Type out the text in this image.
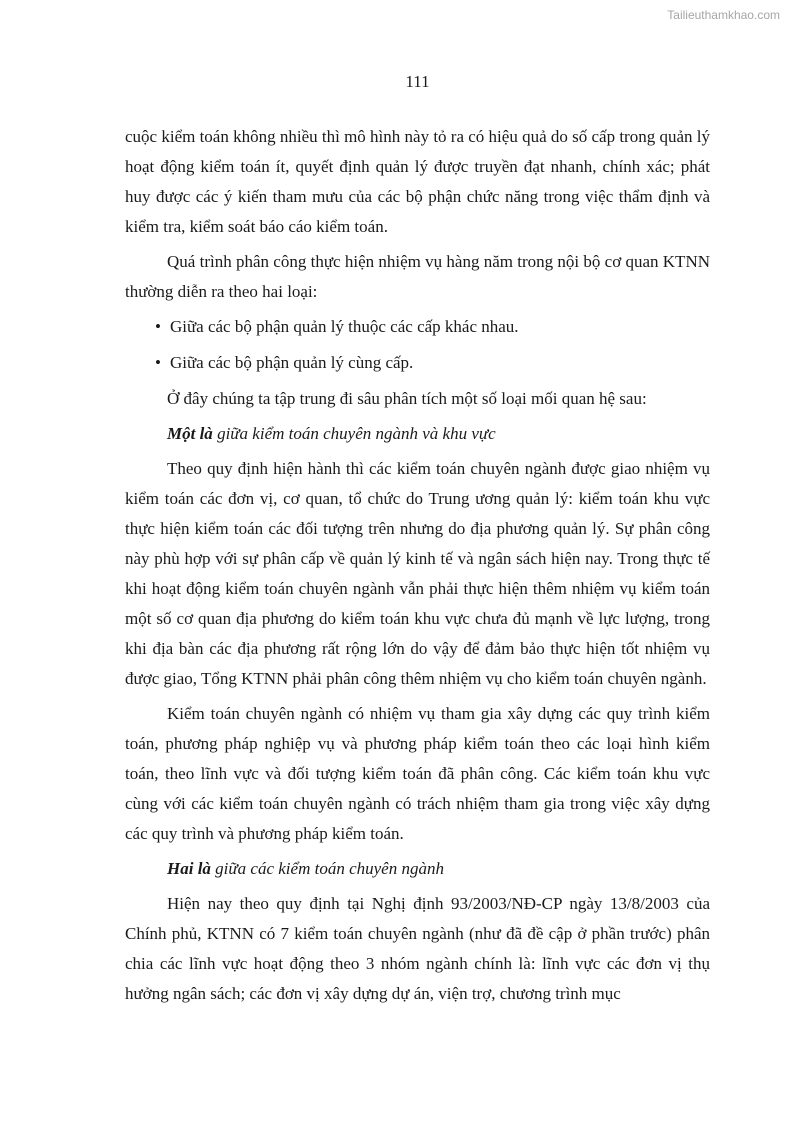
Tailieuthamkhao.com
111

cuộc kiểm toán không nhiều thì mô hình này tỏ ra có hiệu quả do số cấp trong quản lý hoạt động kiểm toán ít, quyết định quản lý được truyền đạt nhanh, chính xác; phát huy được các ý kiến tham mưu của các bộ phận chức năng trong việc thẩm định và kiểm tra, kiểm soát báo cáo kiểm toán.

Quá trình phân công thực hiện nhiệm vụ hàng năm trong nội bộ cơ quan KTNN thường diễn ra theo hai loại:

• Giữa các bộ phận quản lý thuộc các cấp khác nhau.

• Giữa các bộ phận quản lý cùng cấp.

Ở đây chúng ta tập trung đi sâu phân tích một số loại mối quan hệ sau:

Một là giữa kiểm toán chuyên ngành và khu vực

Theo quy định hiện hành thì các kiểm toán chuyên ngành được giao nhiệm vụ kiểm toán các đơn vị, cơ quan, tổ chức do Trung ương quản lý: kiểm toán khu vực thực hiện kiểm toán các đối tượng trên nhưng do địa phương quản lý. Sự phân công này phù hợp với sự phân cấp về quản lý kinh tế và ngân sách hiện nay. Trong thực tế khi hoạt động kiểm toán chuyên ngành vẫn phải thực hiện thêm nhiệm vụ kiểm toán một số cơ quan địa phương do kiểm toán khu vực chưa đủ mạnh về lực lượng, trong khi địa bàn các địa phương rất rộng lớn do vậy để đảm bảo thực hiện tốt nhiệm vụ được giao, Tổng KTNN phải phân công thêm nhiệm vụ cho kiểm toán chuyên ngành.

Kiểm toán chuyên ngành có nhiệm vụ tham gia xây dựng các quy trình kiểm toán, phương pháp nghiệp vụ và phương pháp kiểm toán theo các loại hình kiểm toán, theo lĩnh vực và đối tượng kiểm toán đã phân công. Các kiểm toán khu vực cùng với các kiểm toán chuyên ngành có trách nhiệm tham gia trong việc xây dựng các quy trình và phương pháp kiểm toán.

Hai là giữa các kiểm toán chuyên ngành

Hiện nay theo quy định tại Nghị định 93/2003/NĐ-CP ngày 13/8/2003 của Chính phủ, KTNN có 7 kiểm toán chuyên ngành (như đã đề cập ở phần trước) phân chia các lĩnh vực hoạt động theo 3 nhóm ngành chính là: lĩnh vực các đơn vị thụ hưởng ngân sách; các đơn vị xây dựng dự án, viện trợ, chương trình mục
